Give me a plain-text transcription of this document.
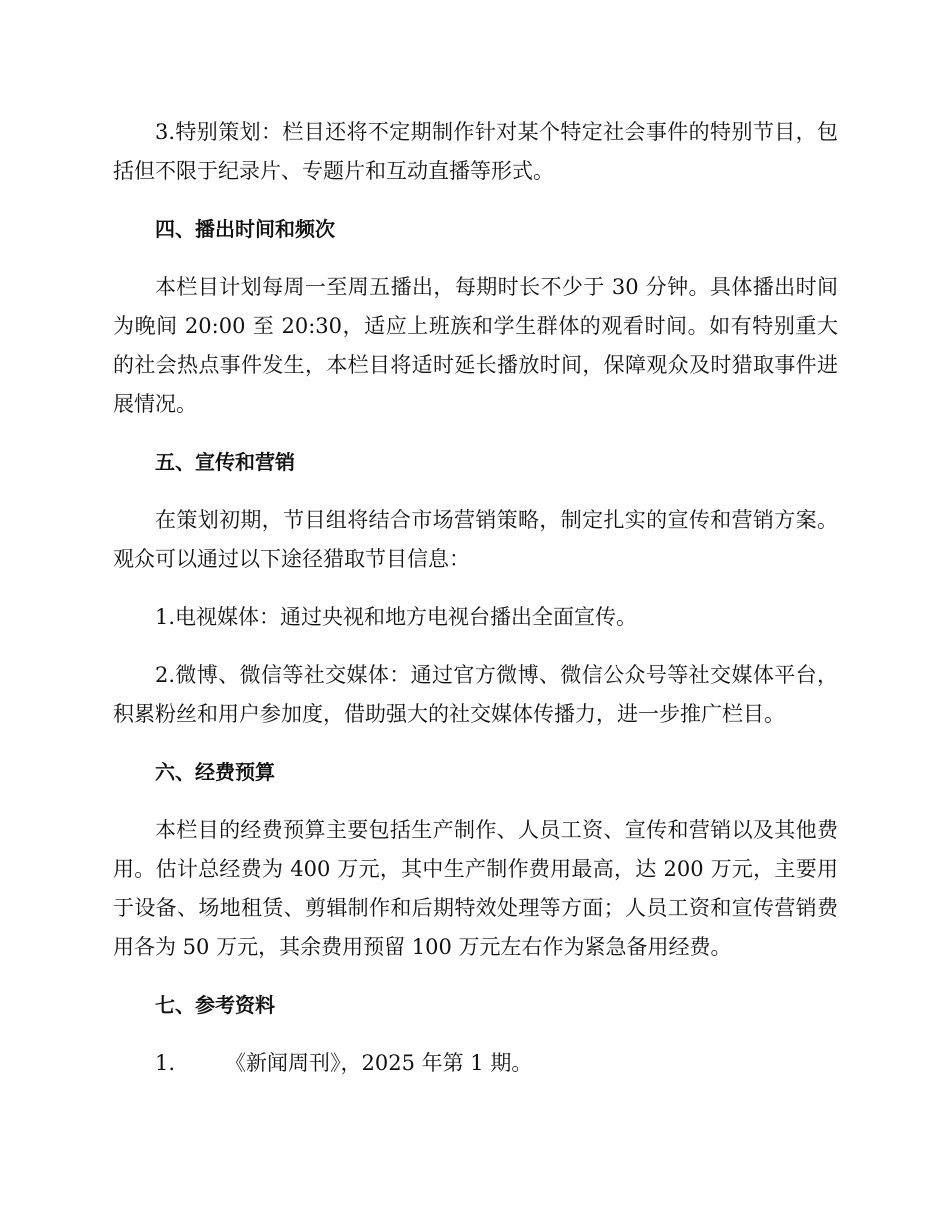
3.特别策划：栏目还将不定期制作针对某个特定社会事件的特别节目，包括但不限于纪录片、专题片和互动直播等形式。

四、播出时间和频次

本栏目计划每周一至周五播出，每期时长不少于 30 分钟。具体播出时间为晚间 20:00 至 20:30，适应上班族和学生群体的观看时间。如有特别重大的社会热点事件发生，本栏目将适时延长播放时间，保障观众及时猎取事件进展情况。

五、宣传和营销

在策划初期，节目组将结合市场营销策略，制定扎实的宣传和营销方案。观众可以通过以下途径猎取节目信息：

1.电视媒体：通过央视和地方电视台播出全面宣传。

2.微博、微信等社交媒体：通过官方微博、微信公众号等社交媒体平台，积累粉丝和用户参加度，借助强大的社交媒体传播力，进一步推广栏目。

六、经费预算

本栏目的经费预算主要包括生产制作、人员工资、宣传和营销以及其他费用。估计总经费为 400 万元，其中生产制作费用最高，达 200 万元，主要用于设备、场地租赁、剪辑制作和后期特效处理等方面；人员工资和宣传营销费用各为 50 万元，其余费用预留 100 万元左右作为紧急备用经费。

七、参考资料

1.	《新闻周刊》，2025 年第 1 期。
